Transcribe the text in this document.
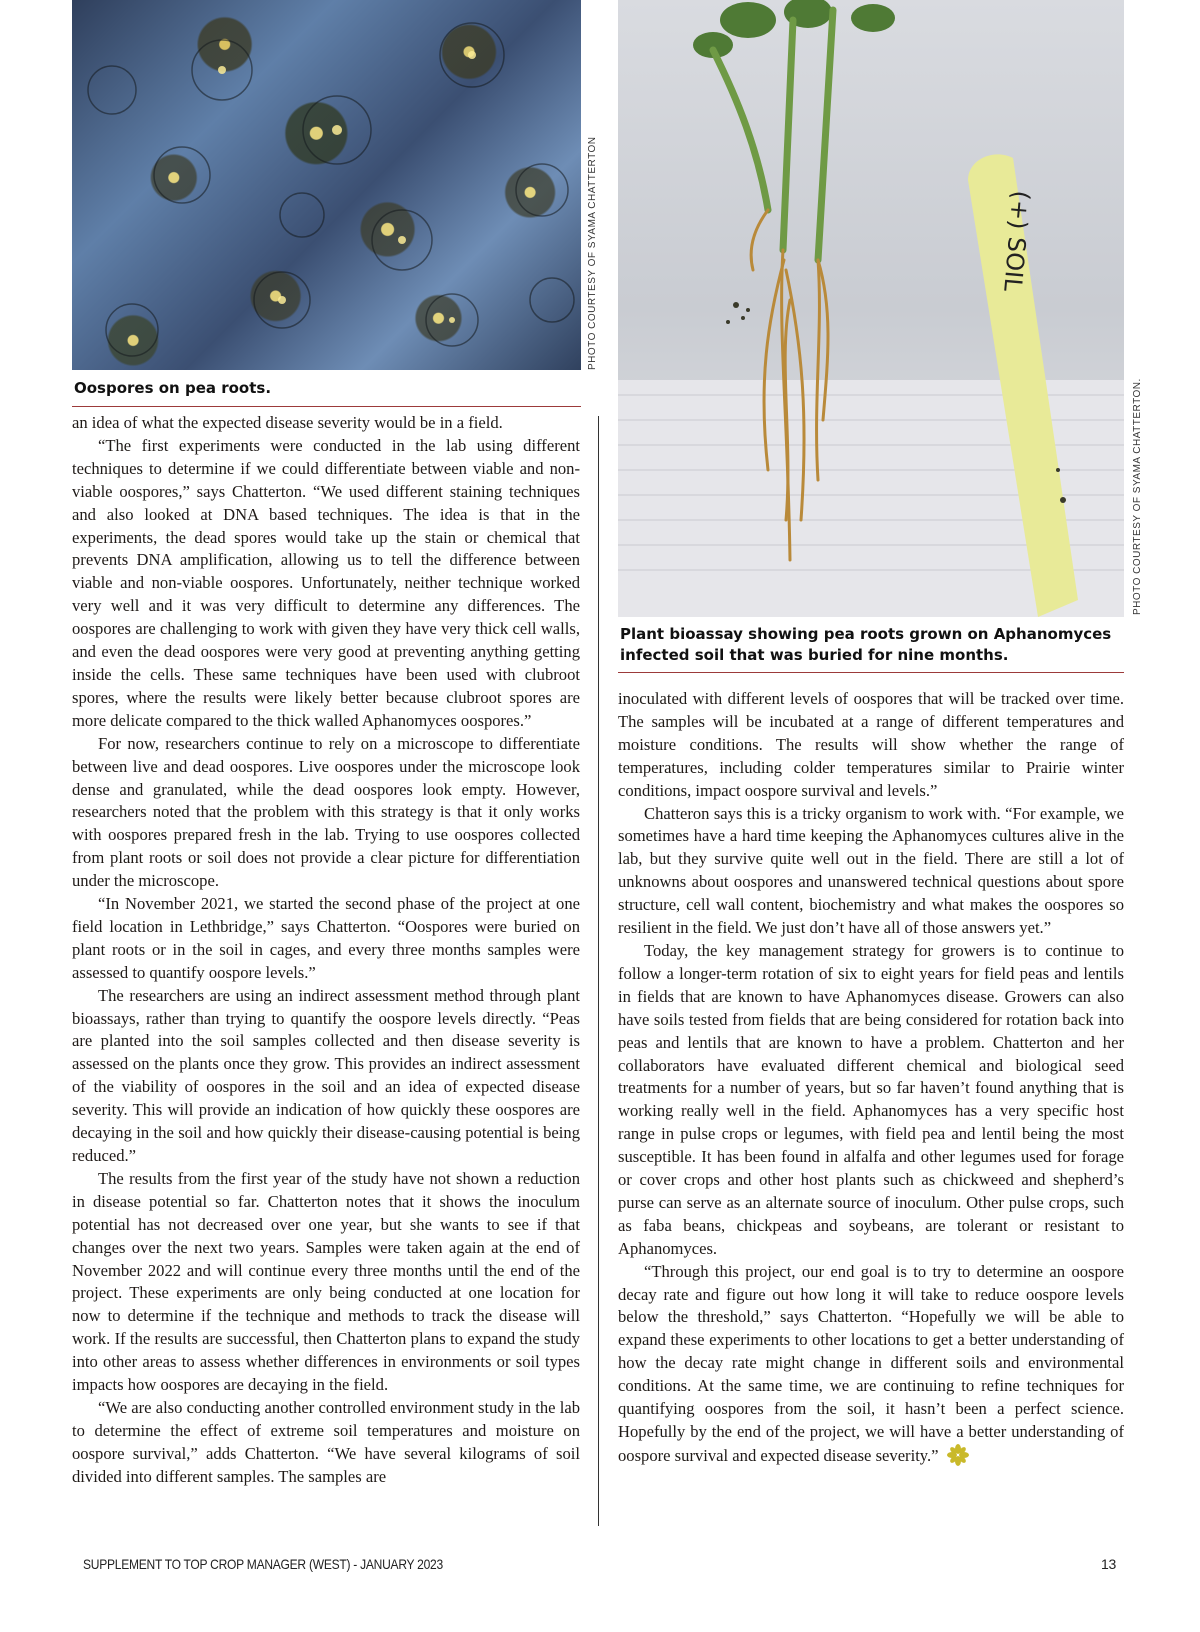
PHOTO COURTESY OF SYAMA CHATTERTON
Oospores on pea roots.
(+) SOIL
PHOTO COURTESY OF SYAMA CHATTERTON.
Plant bioassay showing pea roots grown on Aphanomyces infected soil that was buried for nine months.

an idea of what the expected disease severity would be in a field.

“The first experiments were conducted in the lab using different techniques to determine if we could differentiate between viable and non-viable oospores,” says Chatterton. “We used different staining techniques and also looked at DNA based techniques. The idea is that in the experiments, the dead spores would take up the stain or chemical that prevents DNA amplification, allowing us to tell the difference between viable and non-viable oospores. Unfortunately, neither technique worked very well and it was very difficult to determine any differences. The oospores are challenging to work with given they have very thick cell walls, and even the dead oospores were very good at preventing anything getting inside the cells. These same techniques have been used with clubroot spores, where the results were likely better because clubroot spores are more delicate compared to the thick walled Aphanomyces oospores.”

For now, researchers continue to rely on a microscope to differentiate between live and dead oospores. Live oospores under the microscope look dense and granulated, while the dead oospores look empty. However, researchers noted that the problem with this strategy is that it only works with oospores prepared fresh in the lab. Trying to use oospores collected from plant roots or soil does not provide a clear picture for differentiation under the microscope.

“In November 2021, we started the second phase of the project at one field location in Lethbridge,” says Chatterton. “Oospores were buried on plant roots or in the soil in cages, and every three months samples were assessed to quantify oospore levels.”

The researchers are using an indirect assessment method through plant bioassays, rather than trying to quantify the oospore levels directly. “Peas are planted into the soil samples collected and then disease severity is assessed on the plants once they grow. This provides an indirect assessment of the viability of oospores in the soil and an idea of expected disease severity. This will provide an indication of how quickly these oospores are decaying in the soil and how quickly their disease-causing potential is being reduced.”

The results from the first year of the study have not shown a reduction in disease potential so far. Chatterton notes that it shows the inoculum potential has not decreased over one year, but she wants to see if that changes over the next two years. Samples were taken again at the end of November 2022 and will continue every three months until the end of the project. These experiments are only being conducted at one location for now to determine if the technique and methods to track the disease will work. If the results are successful, then Chatterton plans to expand the study into other areas to assess whether differences in environments or soil types impacts how oospores are decaying in the field.

“We are also conducting another controlled environment study in the lab to determine the effect of extreme soil temperatures and moisture on oospore survival,” adds Chatterton. “We have several kilograms of soil divided into different samples. The samples are

inoculated with different levels of oospores that will be tracked over time. The samples will be incubated at a range of different temperatures and moisture conditions. The results will show whether the range of temperatures, including colder temperatures similar to Prairie winter conditions, impact oospore survival and levels.”

Chatteron says this is a tricky organism to work with. “For example, we sometimes have a hard time keeping the Aphanomyces cultures alive in the lab, but they survive quite well out in the field. There are still a lot of unknowns about oospores and unanswered technical questions about spore structure, cell wall content, biochemistry and what makes the oospores so resilient in the field. We just don’t have all of those answers yet.”

Today, the key management strategy for growers is to continue to follow a longer-term rotation of six to eight years for field peas and lentils in fields that are known to have Aphanomyces disease. Growers can also have soils tested from fields that are being considered for rotation back into peas and lentils that are known to have a problem. Chatterton and her collaborators have evaluated different chemical and biological seed treatments for a number of years, but so far haven’t found anything that is working really well in the field. Aphanomyces has a very specific host range in pulse crops or legumes, with field pea and lentil being the most susceptible. It has been found in alfalfa and other legumes used for forage or cover crops and other host plants such as chickweed and shepherd’s purse can serve as an alternate source of inoculum. Other pulse crops, such as faba beans, chickpeas and soybeans, are tolerant or resistant to Aphanomyces.

“Through this project, our end goal is to try to determine an oospore decay rate and figure out how long it will take to reduce oospore levels below the threshold,” says Chatterton. “Hopefully we will be able to expand these experiments to other locations to get a better understanding of how the decay rate might change in different soils and environmental conditions. At the same time, we are continuing to refine techniques for quantifying oospores from the soil, it hasn’t been a perfect science. Hopefully by the end of the project, we will have a better understanding of oospore survival and expected disease severity.”

SUPPLEMENT TO TOP CROP MANAGER (WEST) - JANUARY 2023	13
